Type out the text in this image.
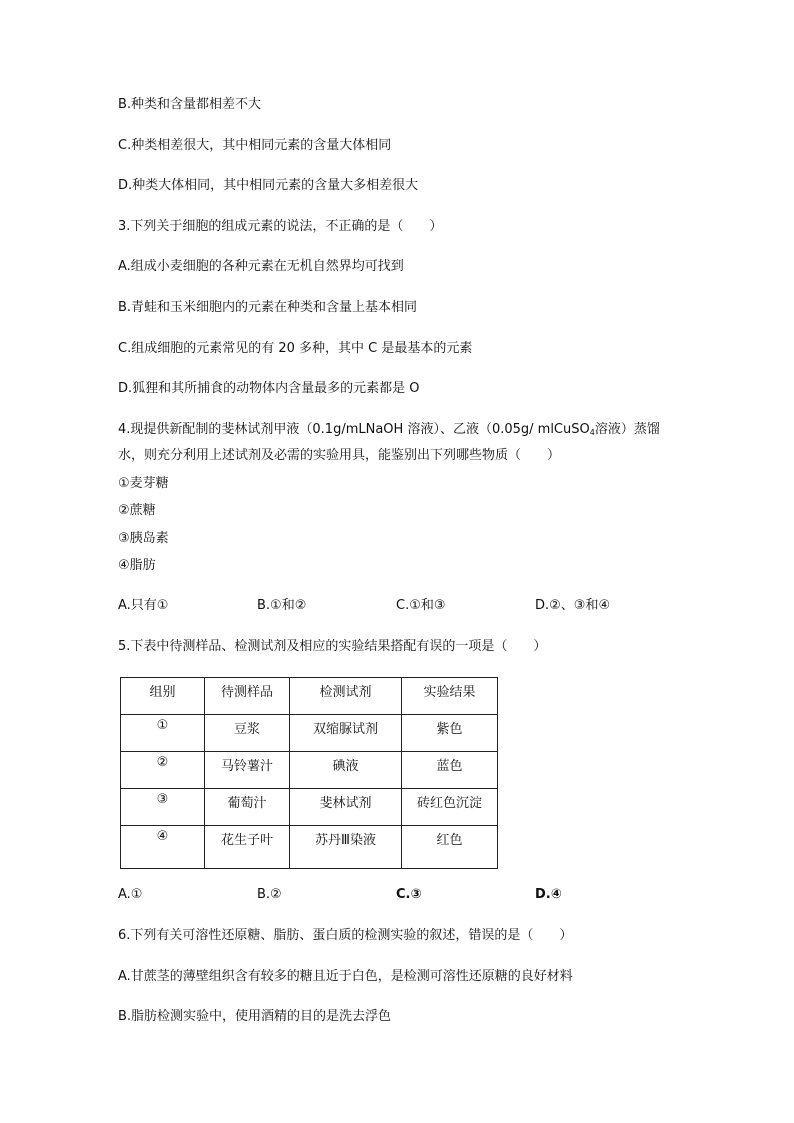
B.种类和含量都相差不大
C.种类相差很大，其中相同元素的含量大体相同
D.种类大体相同，其中相同元素的含量大多相差很大
3.下列关于细胞的组成元素的说法，不正确的是（　　）
A.组成小麦细胞的各种元素在无机自然界均可找到
B.青蛙和玉米细胞内的元素在种类和含量上基本相同
C.组成细胞的元素常见的有 20 多种，其中 C 是最基本的元素
D.狐狸和其所捕食的动物体内含量最多的元素都是 O
4.现提供新配制的斐林试剂甲液（0.1g/mLNaOH 溶液）、乙液（0.05g/ mlCuSO$_4$溶液）蒸馏
水，则充分利用上述试剂及必需的实验用具，能鉴别出下列哪些物质（　　）
①麦芽糖
②蔗糖
③胰岛素
④脂肪
A.只有①	B.①和②	C.①和③	D.②、③和④
5.下表中待测样品、检测试剂及相应的实验结果搭配有误的一项是（　　）
组别	待测样品	检测试剂	实验结果
①	豆浆	双缩脲试剂	紫色
②	马铃薯汁	碘液	蓝色
③	葡萄汁	斐林试剂	砖红色沉淀
④	花生子叶	苏丹Ⅲ染液	红色
A.①	B.②	C.③	D.④
6.下列有关可溶性还原糖、脂肪、蛋白质的检测实验的叙述，错误的是（　　）
A.甘蔗茎的薄壁组织含有较多的糖且近于白色，是检测可溶性还原糖的良好材料
B.脂肪检测实验中，使用酒精的目的是洗去浮色
